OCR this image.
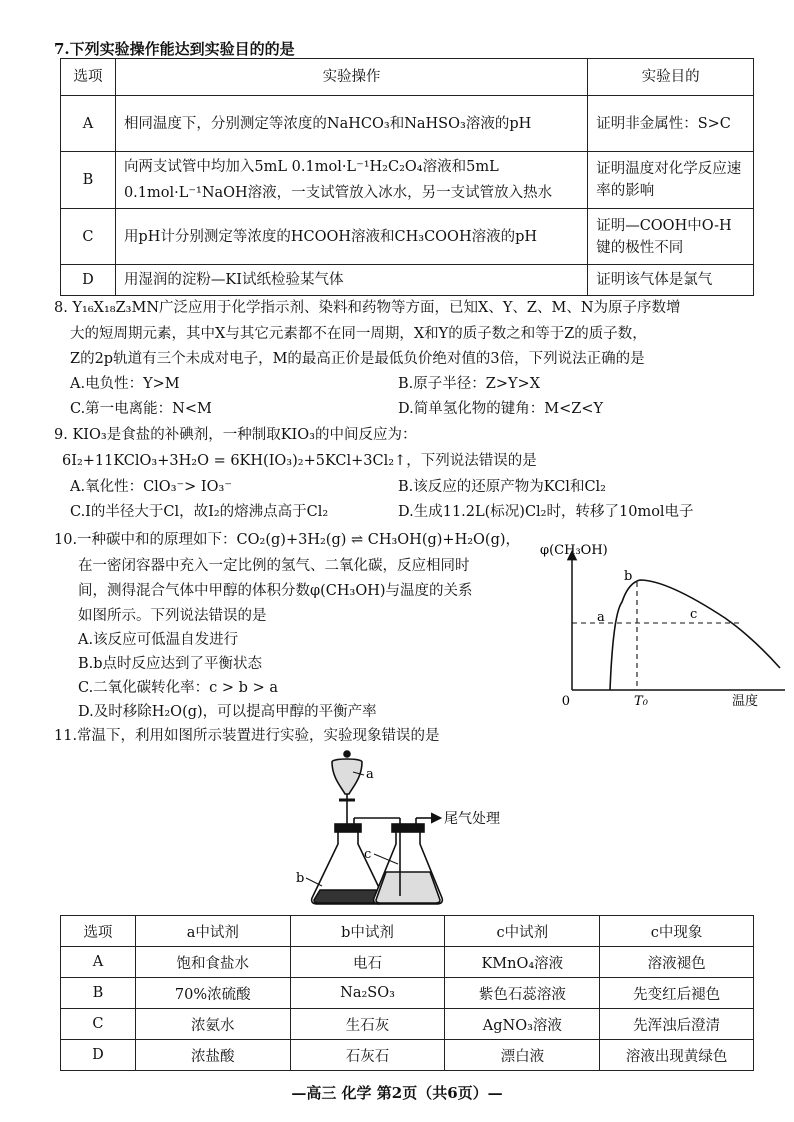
7.下列实验操作能达到实验目的的是
选项	实验操作	实验目的
A	相同温度下，分别测定等浓度的NaHCO₃和NaHSO₃溶液的pH	证明非金属性：S>C
B	向两支试管中均加入5mL 0.1mol·L⁻¹H₂C₂O₄溶液和5mL 0.1mol·L⁻¹NaOH溶液，一支试管放入冰水，另一支试管放入热水	证明温度对化学反应速率的影响
C	用pH计分别测定等浓度的HCOOH溶液和CH₃COOH溶液的pH	证明—COOH中O-H键的极性不同
D	用湿润的淀粉—KI试纸检验某气体	证明该气体是氯气
8. Y₁₆X₁₈Z₃MN广泛应用于化学指示剂、染料和药物等方面，已知X、Y、Z、M、N为原子序数增
大的短周期元素，其中X与其它元素都不在同一周期，X和Y的质子数之和等于Z的质子数，
Z的2p轨道有三个未成对电子，M的最高正价是最低负价绝对值的3倍，下列说法正确的是
A.电负性：Y>M	B.原子半径：Z>Y>X
C.第一电离能：N<M	D.简单氢化物的键角：M<Z<Y
9. KIO₃是食盐的补碘剂，一种制取KIO₃的中间反应为：
6I₂+11KClO₃+3H₂O = 6KH(IO₃)₂+5KCl+3Cl₂↑，下列说法错误的是
A.氧化性：ClO₃⁻> IO₃⁻	B.该反应的还原产物为KCl和Cl₂
C.I的半径大于Cl，故I₂的熔沸点高于Cl₂	D.生成11.2L(标况)Cl₂时，转移了10mol电子
10.一种碳中和的原理如下：CO₂(g)+3H₂(g) ⇌ CH₃OH(g)+H₂O(g)，
在一密闭容器中充入一定比例的氢气、二氧化碳，反应相同时
间，测得混合气体中甲醇的体积分数φ(CH₃OH)与温度的关系
如图所示。下列说法错误的是
A.该反应可低温自发进行
B.b点时反应达到了平衡状态
C.二氧化碳转化率：c > b > a
D.及时移除H₂O(g)，可以提高甲醇的平衡产率
φ(CH₃OH)
0	T₀	温度
a
b
c
11.常温下，利用如图所示装置进行实验，实验现象错误的是
a
b
c
尾气处理
选项	a中试剂	b中试剂	c中试剂	c中现象
A	饱和食盐水	电石	KMnO₄溶液	溶液褪色
B	70%浓硫酸	Na₂SO₃	紫色石蕊溶液	先变红后褪色
C	浓氨水	生石灰	AgNO₃溶液	先浑浊后澄清
D	浓盐酸	石灰石	漂白液	溶液出现黄绿色
—高三 化学 第2页（共6页）—
